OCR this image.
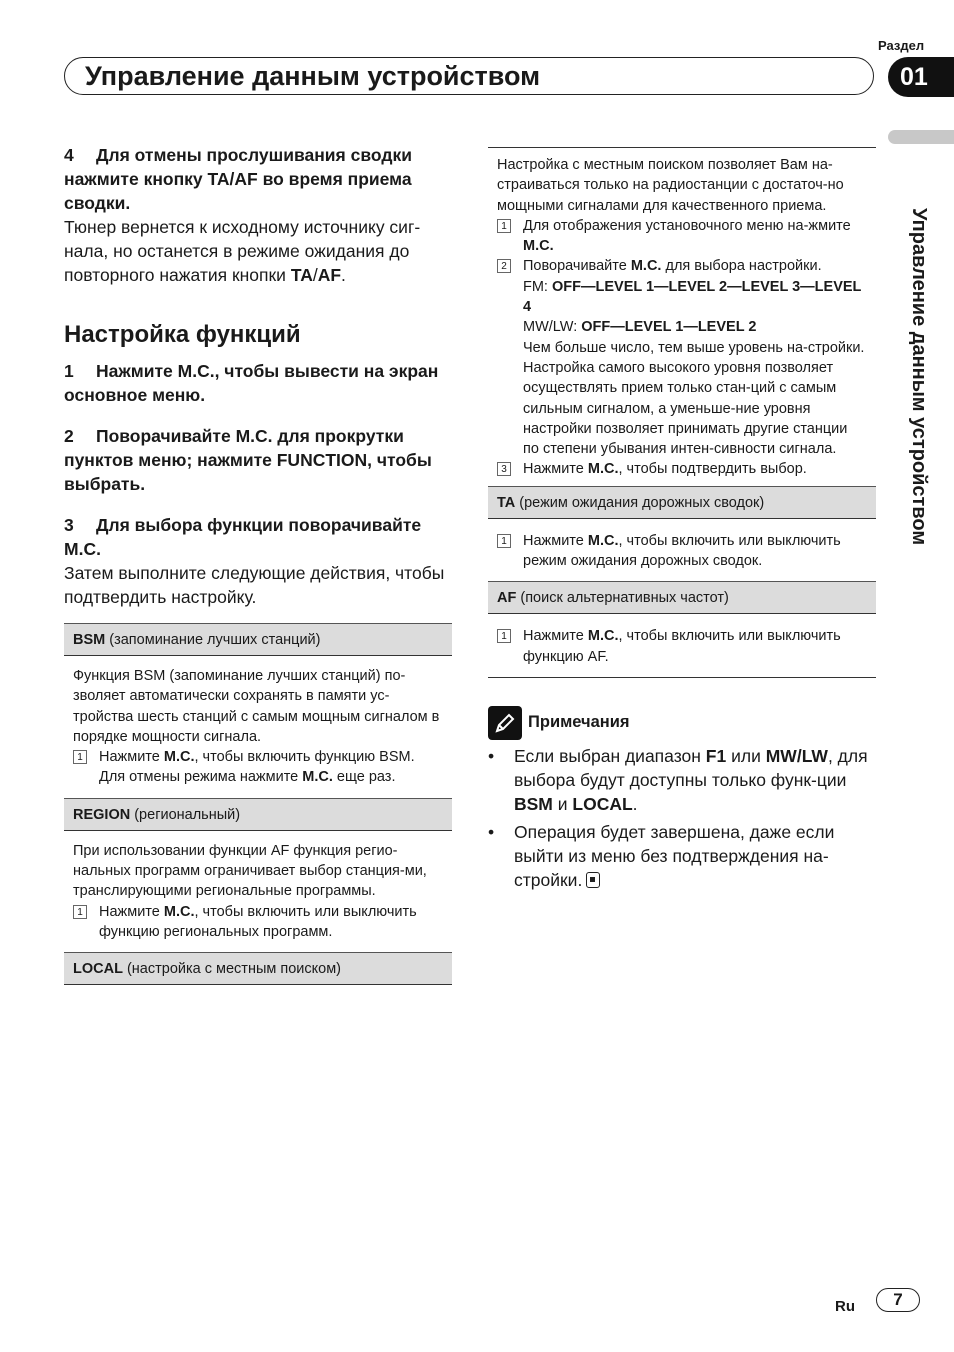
Раздел
Управление данным устройством	01
Управление данным устройством
4 Для отмены прослушивания сводки нажмите кнопку TA/AF во время приема сводки.
Тюнер вернется к исходному источнику сиг-нала, но останется в режиме ожидания до повторного нажатия кнопки TA/AF.
Настройка функций
1 Нажмите M.C., чтобы вывести на экран основное меню.
2 Поворачивайте M.C. для прокрутки пунктов меню; нажмите FUNCTION, чтобы выбрать.
3 Для выбора функции поворачивайте M.C.
Затем выполните следующие действия, чтобы подтвердить настройку.
BSM (запоминание лучших станций)

Функция BSM (запоминание лучших станций) по-зволяет автоматически сохранять в памяти ус-тройства шесть станций с самым мощным сигналом в порядке мощности сигнала.

1 Нажмите M.C., чтобы включить функцию BSM. Для отмены режима нажмите M.C. еще раз.
REGION (региональный)

При использовании функции AF функция регио-нальных программ ограничивает выбор станция-ми, транслирующими региональные программы.

1 Нажмите M.C., чтобы включить или выключить функцию региональных программ.
LOCAL (настройка с местным поиском)

Настройка с местным поиском позволяет Вам на-страиваться только на радиостанции с достаточ-но мощными сигналами для качественного приема.

1 Для отображения установочного меню на-жмите M.C.
2 Поворачивайте M.C. для выбора настройки.
FM: OFF—LEVEL 1—LEVEL 2—LEVEL 3—LEVEL 4
MW/LW: OFF—LEVEL 1—LEVEL 2
Чем больше число, тем выше уровень на-стройки. Настройка самого высокого уровня позволяет осуществлять прием только стан-ций с самым сильным сигналом, а уменьше-ние уровня настройки позволяет принимать другие станции по степени убывания интен-сивности сигнала.
3 Нажмите M.C., чтобы подтвердить выбор.
TA (режим ожидания дорожных сводок)
1 Нажмите M.C., чтобы включить или выключить режим ожидания дорожных сводок.
AF (поиск альтернативных частот)
1 Нажмите M.C., чтобы включить или выключить функцию AF.
Примечания
•	Если выбран диапазон F1 или MW/LW, для выбора будут доступны только функ-ции BSM и LOCAL.
•	Операция будет завершена, даже если выйти из меню без подтверждения на-стройки.
Ru	7
